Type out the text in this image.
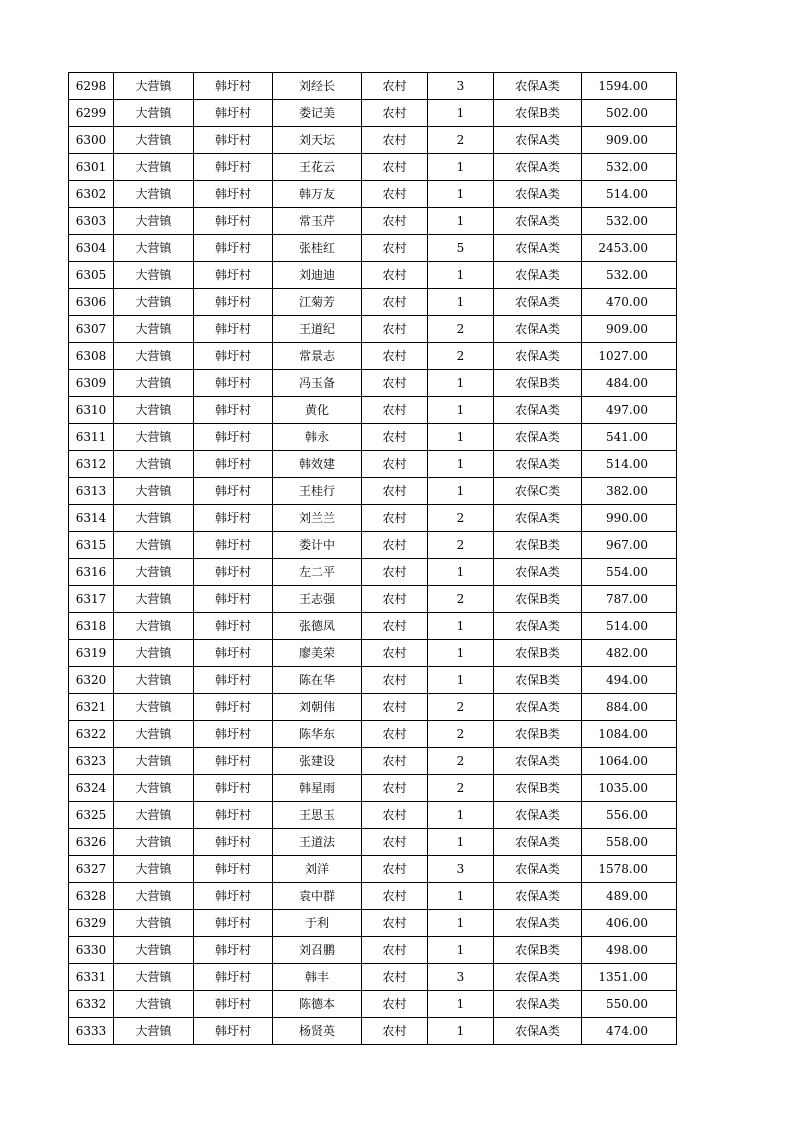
6298	大营镇	韩圩村	刘经长	农村	3	农保A类	1594.00
6299	大营镇	韩圩村	娄记美	农村	1	农保B类	502.00
6300	大营镇	韩圩村	刘天坛	农村	2	农保A类	909.00
6301	大营镇	韩圩村	王花云	农村	1	农保A类	532.00
6302	大营镇	韩圩村	韩万友	农村	1	农保A类	514.00
6303	大营镇	韩圩村	常玉芹	农村	1	农保A类	532.00
6304	大营镇	韩圩村	张桂红	农村	5	农保A类	2453.00
6305	大营镇	韩圩村	刘迪迪	农村	1	农保A类	532.00
6306	大营镇	韩圩村	江菊芳	农村	1	农保A类	470.00
6307	大营镇	韩圩村	王道纪	农村	2	农保A类	909.00
6308	大营镇	韩圩村	常景志	农村	2	农保A类	1027.00
6309	大营镇	韩圩村	冯玉备	农村	1	农保B类	484.00
6310	大营镇	韩圩村	黄化	农村	1	农保A类	497.00
6311	大营镇	韩圩村	韩永	农村	1	农保A类	541.00
6312	大营镇	韩圩村	韩效建	农村	1	农保A类	514.00
6313	大营镇	韩圩村	王桂行	农村	1	农保C类	382.00
6314	大营镇	韩圩村	刘兰兰	农村	2	农保A类	990.00
6315	大营镇	韩圩村	娄计中	农村	2	农保B类	967.00
6316	大营镇	韩圩村	左二平	农村	1	农保A类	554.00
6317	大营镇	韩圩村	王志强	农村	2	农保B类	787.00
6318	大营镇	韩圩村	张德凤	农村	1	农保A类	514.00
6319	大营镇	韩圩村	廖美荣	农村	1	农保B类	482.00
6320	大营镇	韩圩村	陈在华	农村	1	农保B类	494.00
6321	大营镇	韩圩村	刘朝伟	农村	2	农保A类	884.00
6322	大营镇	韩圩村	陈华东	农村	2	农保B类	1084.00
6323	大营镇	韩圩村	张建设	农村	2	农保A类	1064.00
6324	大营镇	韩圩村	韩星雨	农村	2	农保B类	1035.00
6325	大营镇	韩圩村	王思玉	农村	1	农保A类	556.00
6326	大营镇	韩圩村	王道法	农村	1	农保A类	558.00
6327	大营镇	韩圩村	刘洋	农村	3	农保A类	1578.00
6328	大营镇	韩圩村	袁中群	农村	1	农保A类	489.00
6329	大营镇	韩圩村	于利	农村	1	农保A类	406.00
6330	大营镇	韩圩村	刘召鹏	农村	1	农保B类	498.00
6331	大营镇	韩圩村	韩丰	农村	3	农保A类	1351.00
6332	大营镇	韩圩村	陈德本	农村	1	农保A类	550.00
6333	大营镇	韩圩村	杨贤英	农村	1	农保A类	474.00
